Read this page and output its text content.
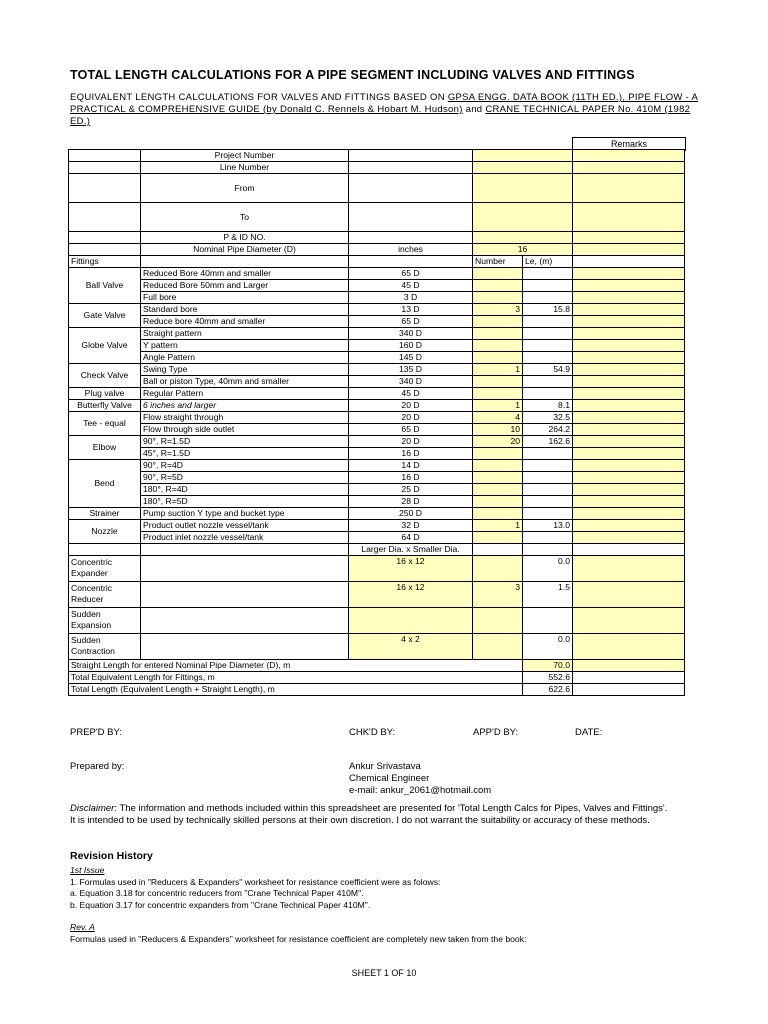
TOTAL LENGTH CALCULATIONS FOR A PIPE SEGMENT INCLUDING VALVES AND FITTINGS
EQUIVALENT LENGTH CALCULATIONS FOR VALVES AND FITTINGS BASED ON GPSA ENGG. DATA BOOK (11TH ED.), PIPE FLOW - A PRACTICAL & COMPREHENSIVE GUIDE (by Donald C. Rennels & Hobart M. Hudson) and CRANE TECHNICAL PAPER No. 410M (1982 ED.)
Remarks
	Project Number				
	Line Number				
	From				
	To				
	P & ID NO.				
	Nominal Pipe Diameter (D)	inches	16		
Fittings			Number	Le, (m)	
Ball Valve	Reduced Bore 40mm and smaller	65 D			
	Reduced Bore 50mm and Larger	45 D			
	Full bore	3 D			
Gate Valve	Standard bore	13 D	3	15.8	
	Reduce bore 40mm and smaller	65 D			
Globe Valve	Straight pattern	340 D			
	Y pattern	160 D			
	Angle Pattern	145 D			
Check Valve	Swing Type	135 D	1	54.9	
	Ball or piston Type, 40mm and smaller	340 D			
Plug valve	Regular Pattern	45 D			
Butterfly Valve	6 inches and larger	20 D	1	8.1	
Tee - equal	Flow straight through	20 D	4	32.5	
	Flow through side outlet	65 D	10	264.2	
Elbow	90°, R=1.5D	20 D	20	162.6	
	45°, R=1.5D	16 D			
Bend	90°, R=4D	14 D			
	90°, R=5D	16 D			
	180°, R=4D	25 D			
	180°, R=5D	28 D			
Strainer	Pump suction Y type and bucket type	250 D			
Nozzle	Product outlet nozzle vessel/tank	32 D	1	13.0	
	Product inlet nozzle vessel/tank	64 D			
		Larger Dia. x Smaller Dia.			

Concentric
Expander		16 x 12		0.0	

Concentric
Reducer		16 x 12	3	1.5	

Sudden
Expansion					

Sudden
Contraction		4 x 2		0.0	
Straight Length for entered Nominal Pipe Diameter (D), m				70.0	
Total Equivalent Length for Fittings, m				552.6	
Total Length (Equivalent Length + Straight Length), m				622.6	
PREP'D BY:	CHK'D BY:	APP'D BY:	DATE:
Prepared by:	Ankur Srivastava
Chemical Engineer
e-mail: ankur_2061@hotmail.com
Disclaimer: The information and methods included within this spreadsheet are presented for 'Total Length Calcs for Pipes, Valves and Fittings'. It is intended to be used by technically skilled persons at their own discretion. I do not warrant the suitability or accuracy of these methods.
Revision History
1st Issue
1. Formulas used in "Reducers & Expanders" worksheet for resistance coefficient were as folows:
a. Equation 3.18 for concentric reducers from "Crane Technical Paper 410M".
b. Equation 3.17 for concentric expanders from "Crane Technical Paper 410M".
Rev. A
Formulas used in "Reducers & Expanders" worksheet for resistance coefficient are completely new taken from the book:
SHEET 1 OF 10
